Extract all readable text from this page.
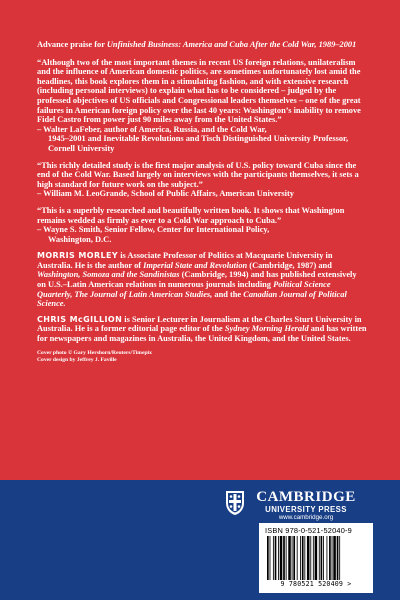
Advance praise for Unfinished Business: America and Cuba After the Cold War, 1989–2001

“Although two of the most important themes in recent US foreign relations, unilateralism and the influence of American domestic politics, are sometimes unfortunately lost amid the headlines, this book explores them in a stimulating fashion, and with extensive research (including personal interviews) to explain what has to be considered – judged by the professed objectives of US officials and Congressional leaders themselves – one of the great failures in American foreign policy over the last 40 years: Washington’s inability to remove Fidel Castro from power just 90 miles away from the United States.”

– Walter LaFeber, author of America, Russia, and the Cold War,
1945–2001 and Inevitable Revolutions and Tisch Distinguished University Professor, Cornell University

“This richly detailed study is the first major analysis of U.S. policy toward Cuba since the end of the Cold War. Based largely on interviews with the participants themselves, it sets a high standard for future work on the subject.”

– William M. LeoGrande, School of Public Affairs, American University

“This is a superbly researched and beautifully written book. It shows that Washington remains wedded as firmly as ever to a Cold War approach to Cuba.”

– Wayne S. Smith, Senior Fellow, Center for International Policy,
Washington, D.C.

MORRIS MORLEY is Associate Professor of Politics at Macquarie University in Australia. He is the author of Imperial State and Revolution (Cambridge, 1987) and Washington, Somoza and the Sandinistas (Cambridge, 1994) and has published extensively on U.S.–Latin American relations in numerous journals including Political Science Quarterly, The Journal of Latin American Studies, and the Canadian Journal of Political Science.

CHRIS McGILLION is Senior Lecturer in Journalism at the Charles Sturt University in Australia. He is a former editorial page editor of the Sydney Morning Herald and has written for newspapers and magazines in Australia, the United Kingdom, and the United States.

Cover photo © Gary Hershorn/Reuters/Timepix
Cover design by Jeffrey J. Faville
CAMBRIDGE
UNIVERSITY PRESS
www.cambridge.org
ISBN 978-0-521-52040-9
9 780521 520409 >
